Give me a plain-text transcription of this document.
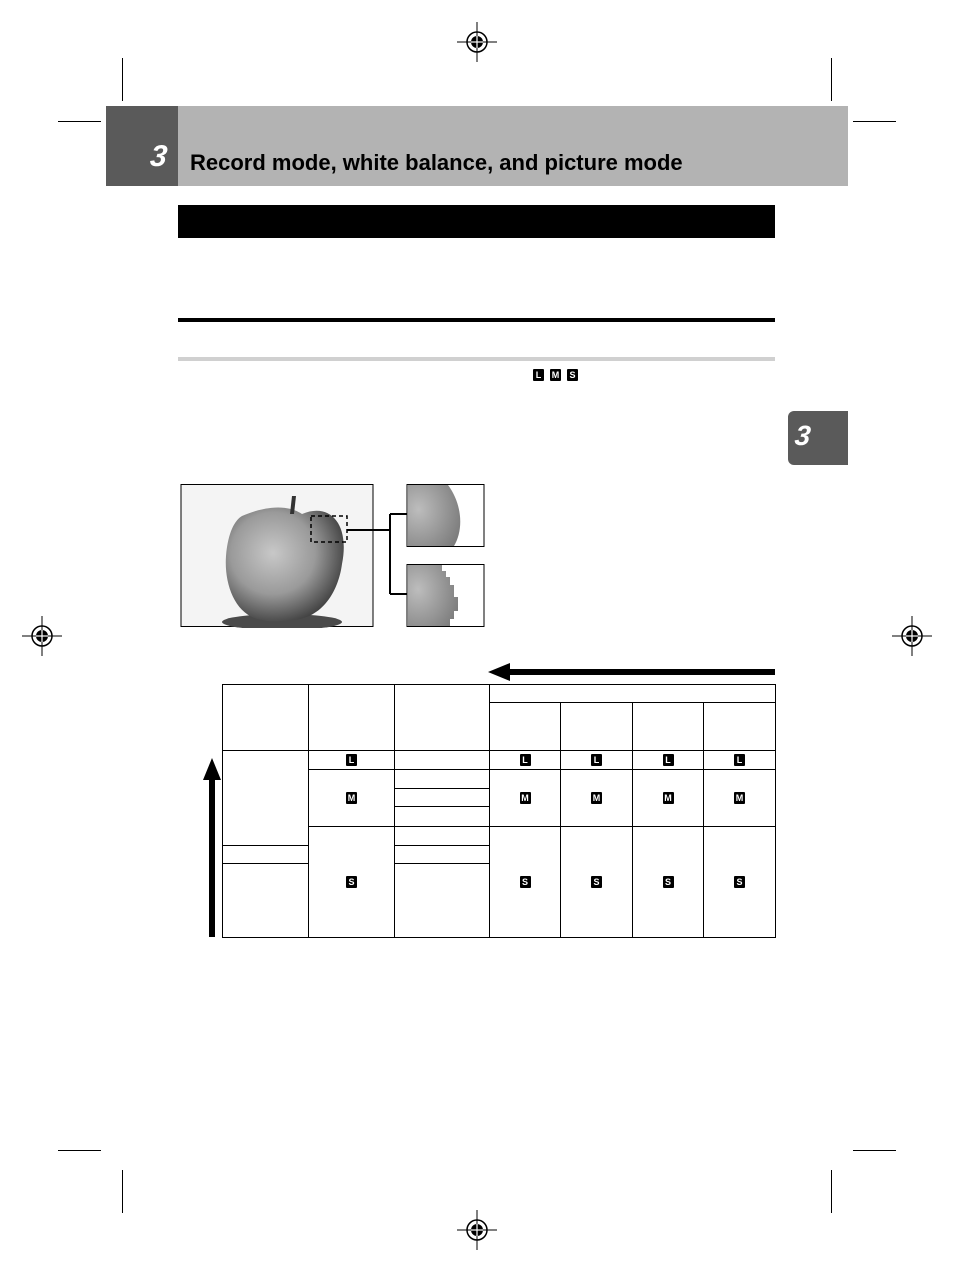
3 Record mode, white balance, and picture mode
L	M S
3

	L		L	L	L	L
	M		M	M	M	M

	S		S	S	S	S
